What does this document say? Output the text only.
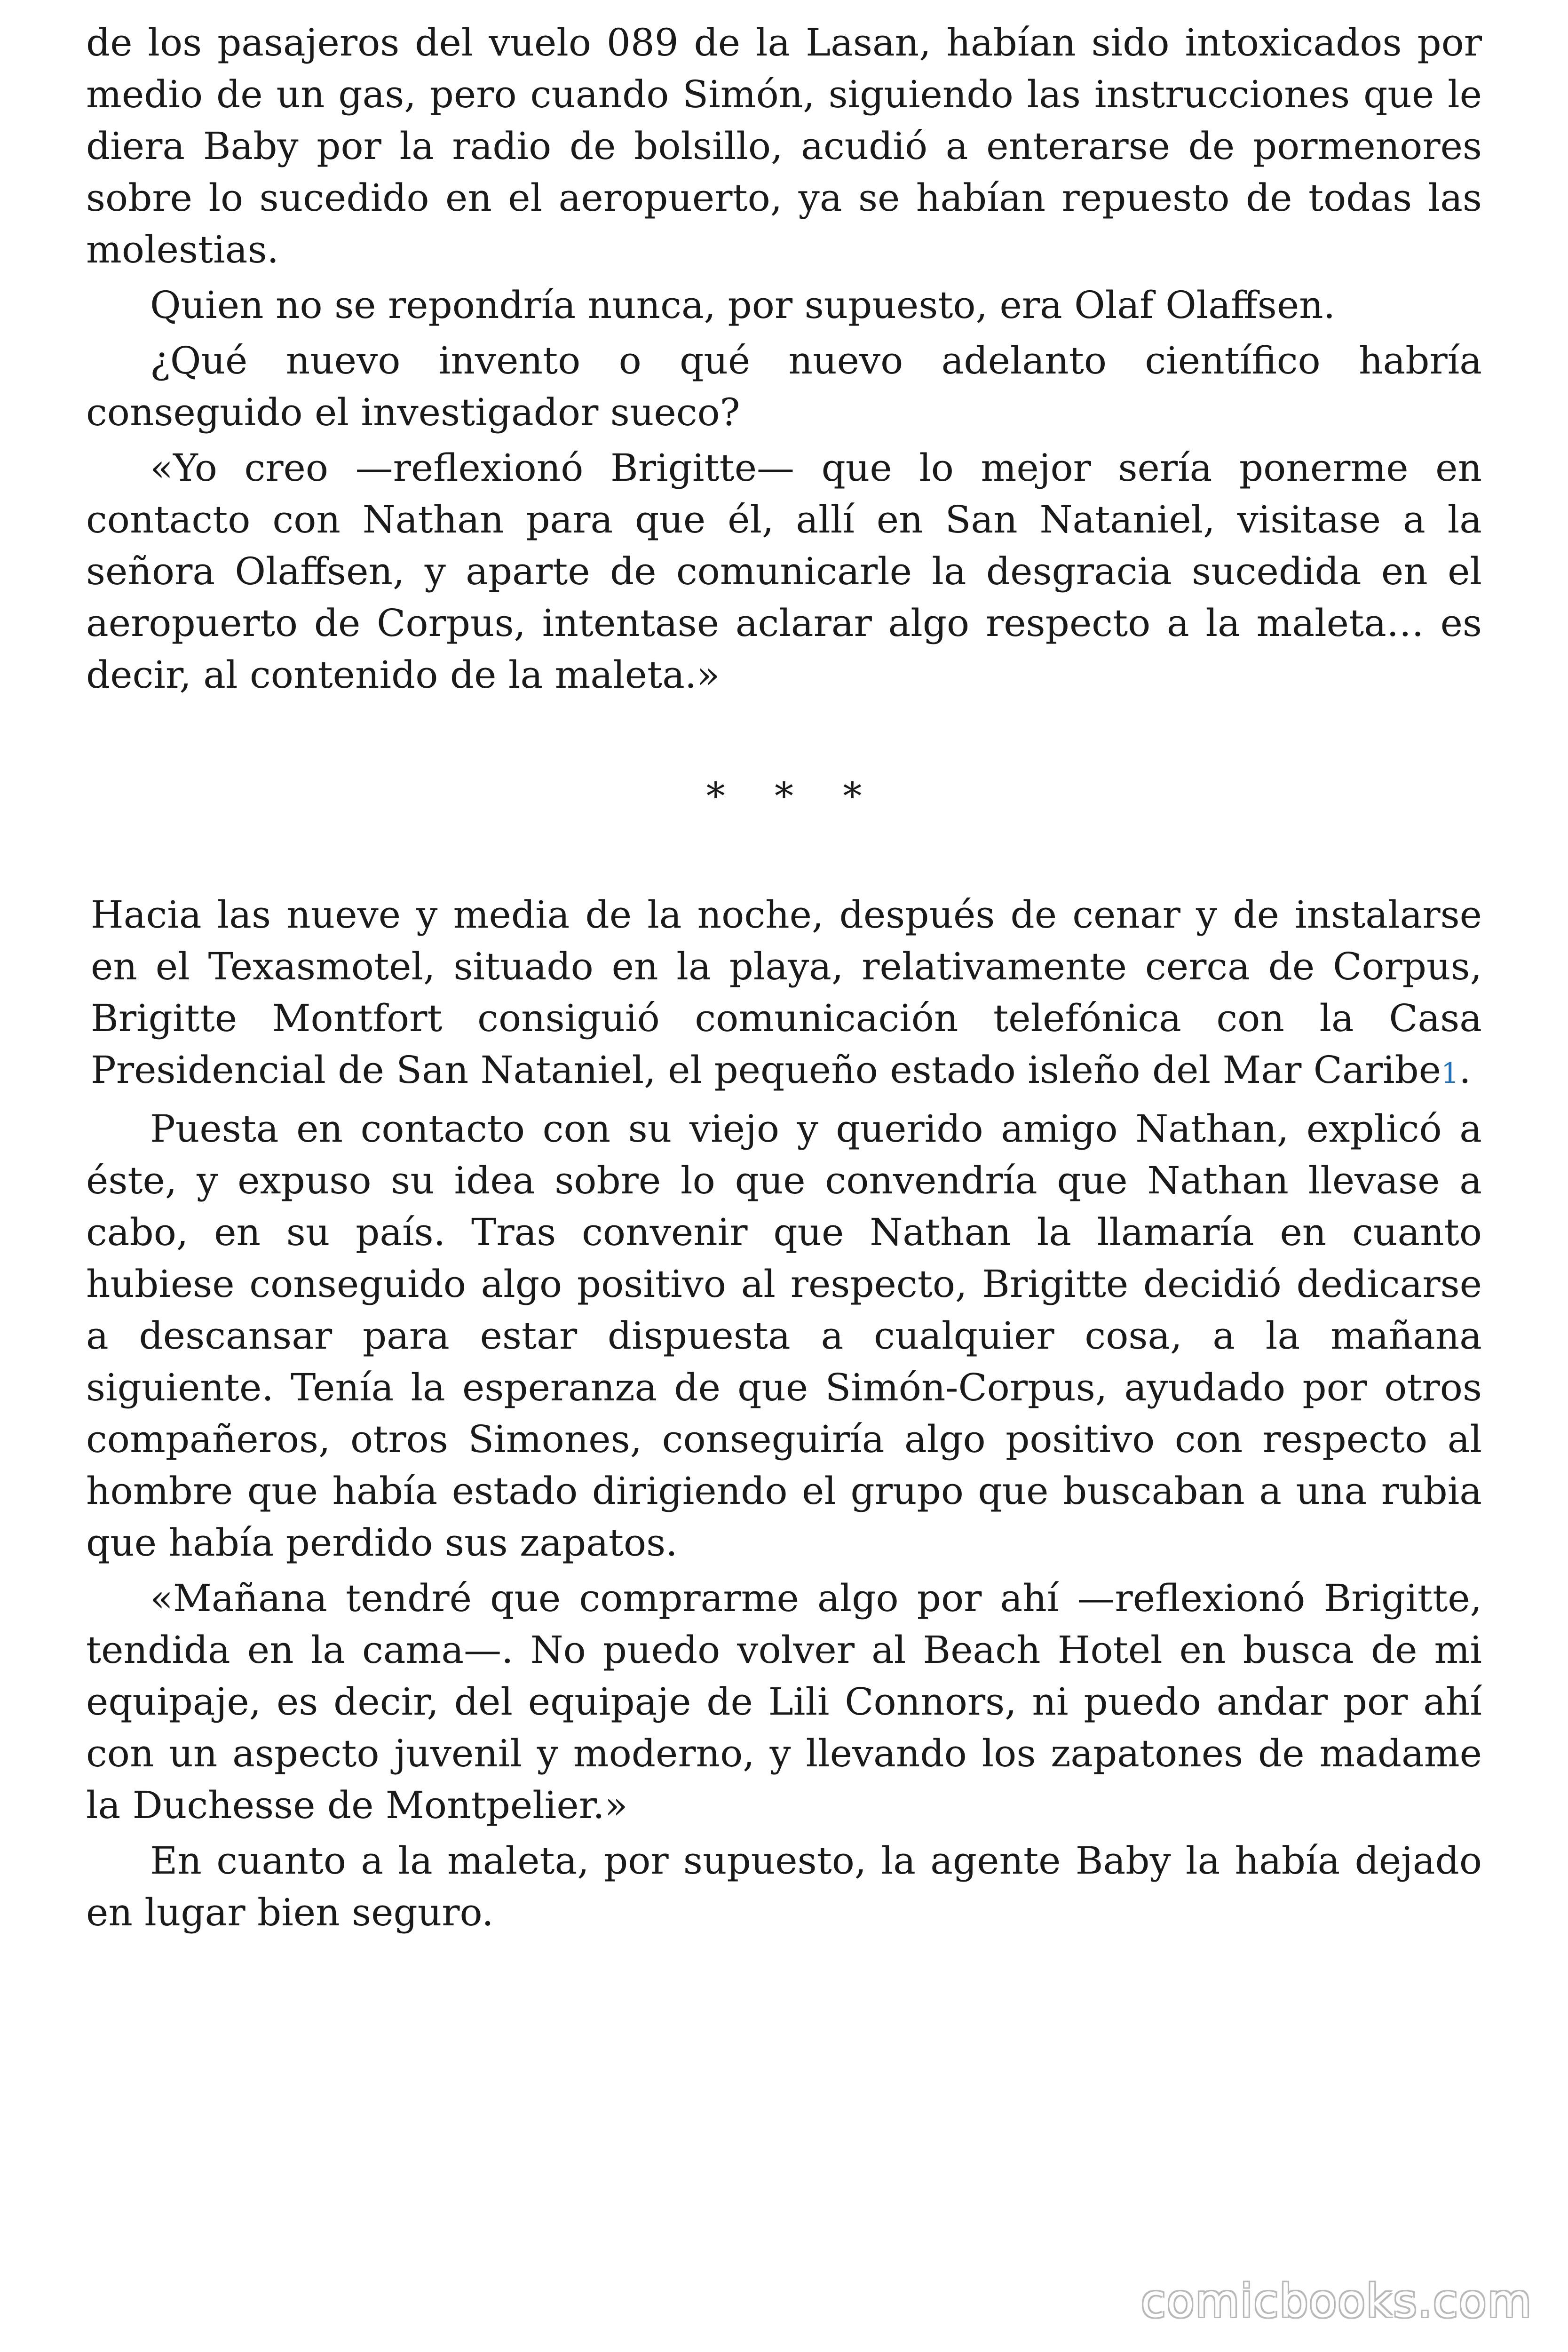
de los pasajeros del vuelo 089 de la Lasan, habían sido intoxicados por medio de un gas, pero cuando Simón, siguiendo las instrucciones que le diera Baby por la radio de bolsillo, acudió a enterarse de pormenores sobre lo sucedido en el aeropuerto, ya se habían repuesto de todas las molestias.

Quien no se repondría nunca, por supuesto, era Olaf Olaffsen.

¿Qué nuevo invento o qué nuevo adelanto científico habría conseguido el investigador sueco?

«Yo creo —reflexionó Brigitte— que lo mejor sería ponerme en contacto con Nathan para que él, allí en San Nataniel, visitase a la señora Olaffsen, y aparte de comunicarle la desgracia sucedida en el aeropuerto de Corpus, intentase aclarar algo respecto a la maleta… es decir, al contenido de la maleta.»

* * *

Hacia las nueve y media de la noche, después de cenar y de instalarse en el Texasmotel, situado en la playa, relativamente cerca de Corpus, Brigitte Montfort consiguió comunicación telefónica con la Casa Presidencial de San Nataniel, el pequeño estado isleño del Mar Caribe1.

Puesta en contacto con su viejo y querido amigo Nathan, explicó a éste, y expuso su idea sobre lo que convendría que Nathan llevase a cabo, en su país. Tras convenir que Nathan la llamaría en cuanto hubiese conseguido algo positivo al respecto, Brigitte decidió dedicarse a descansar para estar dispuesta a cualquier cosa, a la mañana siguiente. Tenía la esperanza de que Simón-Corpus, ayudado por otros compañeros, otros Simones, conseguiría algo positivo con respecto al hombre que había estado dirigiendo el grupo que buscaban a una rubia que había perdido sus zapatos.

«Mañana tendré que comprarme algo por ahí —reflexionó Brigitte, tendida en la cama—. No puedo volver al Beach Hotel en busca de mi equipaje, es decir, del equipaje de Lili Connors, ni puedo andar por ahí con un aspecto juvenil y moderno, y llevando los zapatones de madame la Duchesse de Montpelier.»

En cuanto a la maleta, por supuesto, la agente Baby la había dejado en lugar bien seguro.

comicbooks.com
